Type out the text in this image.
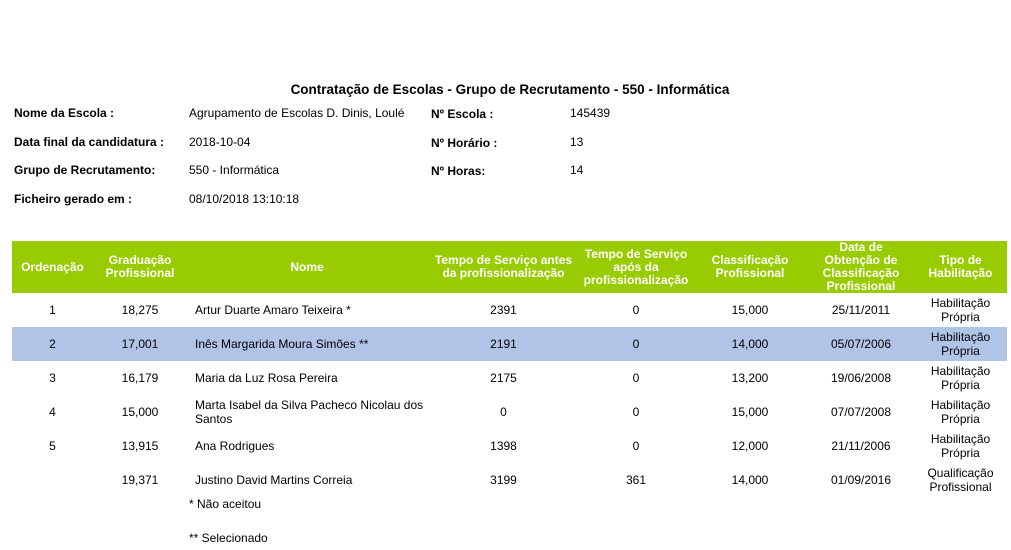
Contratação de Escolas - Grupo de Recrutamento - 550 - Informática
Nome da Escola :	Agrupamento de Escolas D. Dinis, Loulé
Data final da candidatura : 2018-10-04
Grupo de Recrutamento:	550 - Informática
Ficheiro gerado em :	08/10/2018 13:10:18
Nº Escola :	145439
Nº Horário :	13
Nº Horas:	14
Ordenação	Graduação Profissional	Nome	Tempo de Serviço antes da profissionalização	Tempo de Serviço após da profissionalização	Classificação Profissional	Data de Obtenção de Classificação Profissional	Tipo de Habilitação
1	18,275	Artur Duarte Amaro Teixeira *	2391	0	15,000	25/11/2011	Habilitação Própria
2	17,001	Inês Margarida Moura Simões **	2191	0	14,000	05/07/2006	Habilitação Própria
3	16,179	Maria da Luz Rosa Pereira	2175	0	13,200	19/06/2008	Habilitação Própria
4	15,000	Marta Isabel da Silva Pacheco Nicolau dos Santos	0	0	15,000	07/07/2008	Habilitação Própria
5	13,915	Ana Rodrigues	1398	0	12,000	21/11/2006	Habilitação Própria
	19,371	Justino David Martins Correia	3199	361	14,000	01/09/2016	Qualificação Profissional
* Não aceitou
** Selecionado
